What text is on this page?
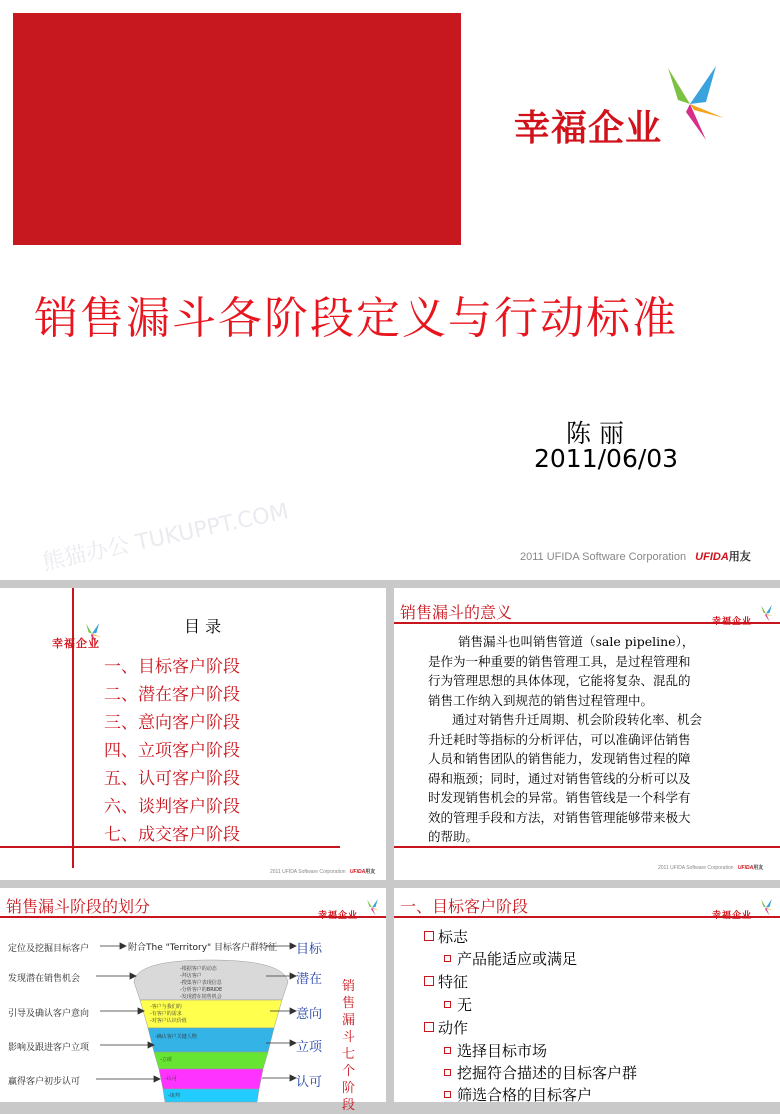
幸福企业
销售漏斗各阶段定义与行动标准
陈 丽
2011/06/03
2011 UFIDA Software Corporation UFIDA用友
熊猫办公 TUKUPPT.COM
幸福企业
目 录
一、目标客户阶段
二、潜在客户阶段
三、意向客户阶段
四、立项客户阶段
五、认可客户阶段
六、谈判客户阶段
七、成交客户阶段
2011 UFIDA Software Corporation UFIDA用友
销售漏斗的意义	幸福企业
销售漏斗也叫销售管道（sale pipeline），
是作为一种重要的销售管理工具，是过程管理和
行为管理思想的具体体现，它能将复杂、混乱的
销售工作纳入到规范的销售过程管理中。
通过对销售升迁周期、机会阶段转化率、机会
升迁耗时等指标的分析评估，可以准确评估销售
人员和销售团队的销售能力，发现销售过程的障
碍和瓶颈；同时，通过对销售管线的分析可以及
时发现销售机会的异常。销售管线是一个科学有
效的管理手段和方法，对销售管理能够带来极大
的帮助。
2011 UFIDA Software Corporation UFIDA用友
销售漏斗阶段的划分	幸福企业
-根据客户的动态
-拜访客户
-搜集客户表现信息
-分析客户的BRIDE
-发现潜在销售机会
-客户与我们的
-有客户的需求
-对客户认识价值
-确认客户关键人物
-立项
-认可
-谈判
定位及挖掘目标客户
发现潜在销售机会
引导及确认客户意向
影响及跟进客户立项
赢得客户初步认可
附合The "Territory" 目标客户群特征 目标
潜在
意向
立项
认可
销
售
漏
斗
七
个
阶
段
一、目标客户阶段	幸福企业
标志
产品能适应或满足
特征
无
动作
选择目标市场
挖掘符合描述的目标客户群
筛选合格的目标客户
